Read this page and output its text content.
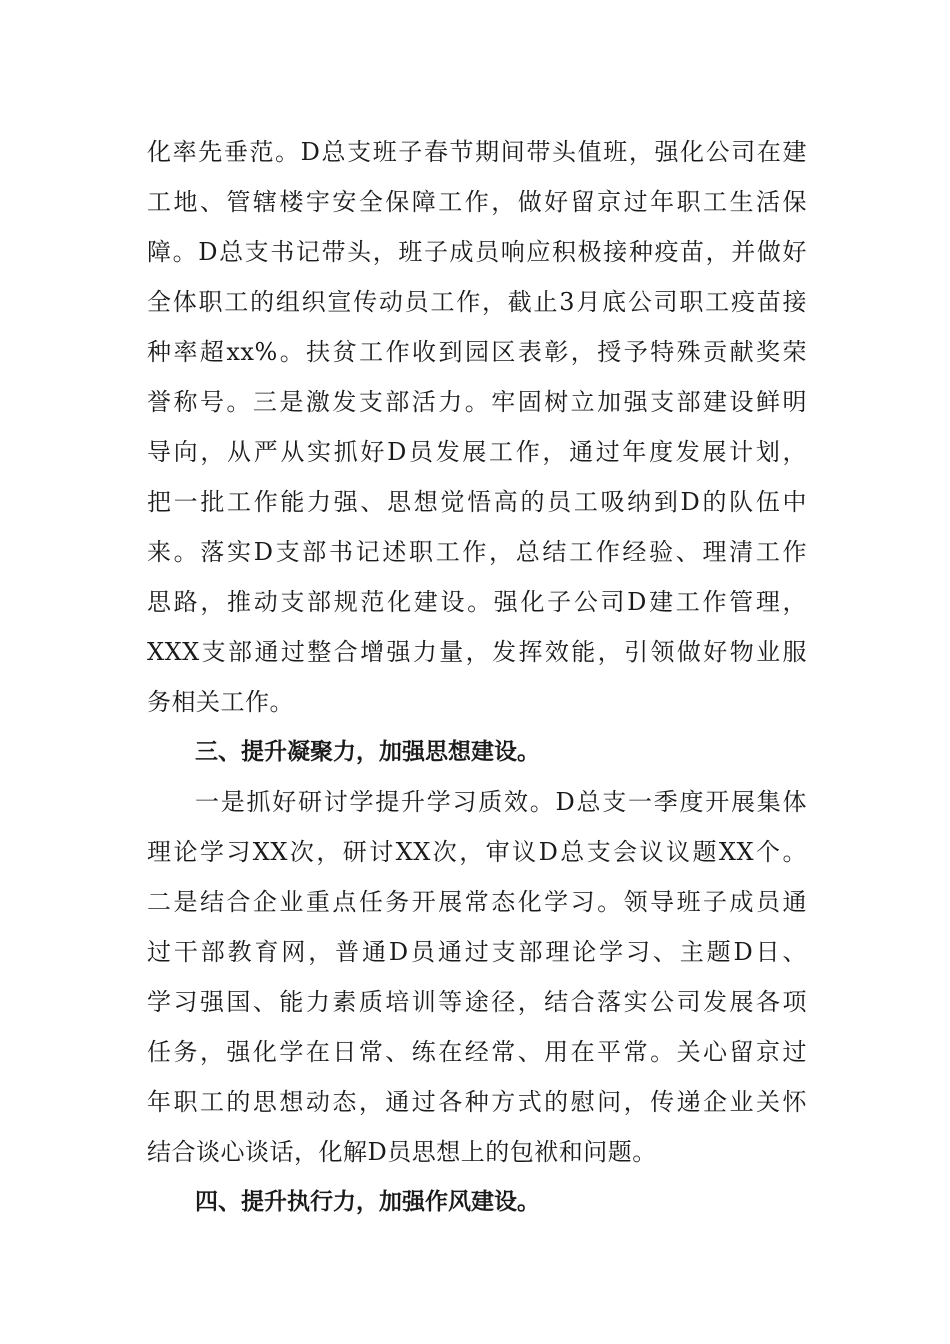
化率先垂范。D总支班子春节期间带头值班，强化公司在建
工地、管辖楼宇安全保障工作，做好留京过年职工生活保
障。D总支书记带头，班子成员响应积极接种疫苗，并做好
全体职工的组织宣传动员工作，截止3月底公司职工疫苗接
种率超xx%。扶贫工作收到园区表彰，授予特殊贡献奖荣
誉称号。三是激发支部活力。牢固树立加强支部建设鲜明
导向，从严从实抓好D员发展工作，通过年度发展计划，
把一批工作能力强、思想觉悟高的员工吸纳到D的队伍中
来。落实D支部书记述职工作，总结工作经验、理清工作
思路，推动支部规范化建设。强化子公司D建工作管理，
XXX支部通过整合增强力量，发挥效能，引领做好物业服
务相关工作。
三、提升凝聚力，加强思想建设。
一是抓好研讨学提升学习质效。D总支一季度开展集体
理论学习XX次，研讨XX次，审议D总支会议议题XX个。
二是结合企业重点任务开展常态化学习。领导班子成员通
过干部教育网，普通D员通过支部理论学习、主题D日、
学习强国、能力素质培训等途径，结合落实公司发展各项
任务，强化学在日常、练在经常、用在平常。关心留京过
年职工的思想动态，通过各种方式的慰问，传递企业关怀
结合谈心谈话，化解D员思想上的包袱和问题。
四、提升执行力，加强作风建设。
